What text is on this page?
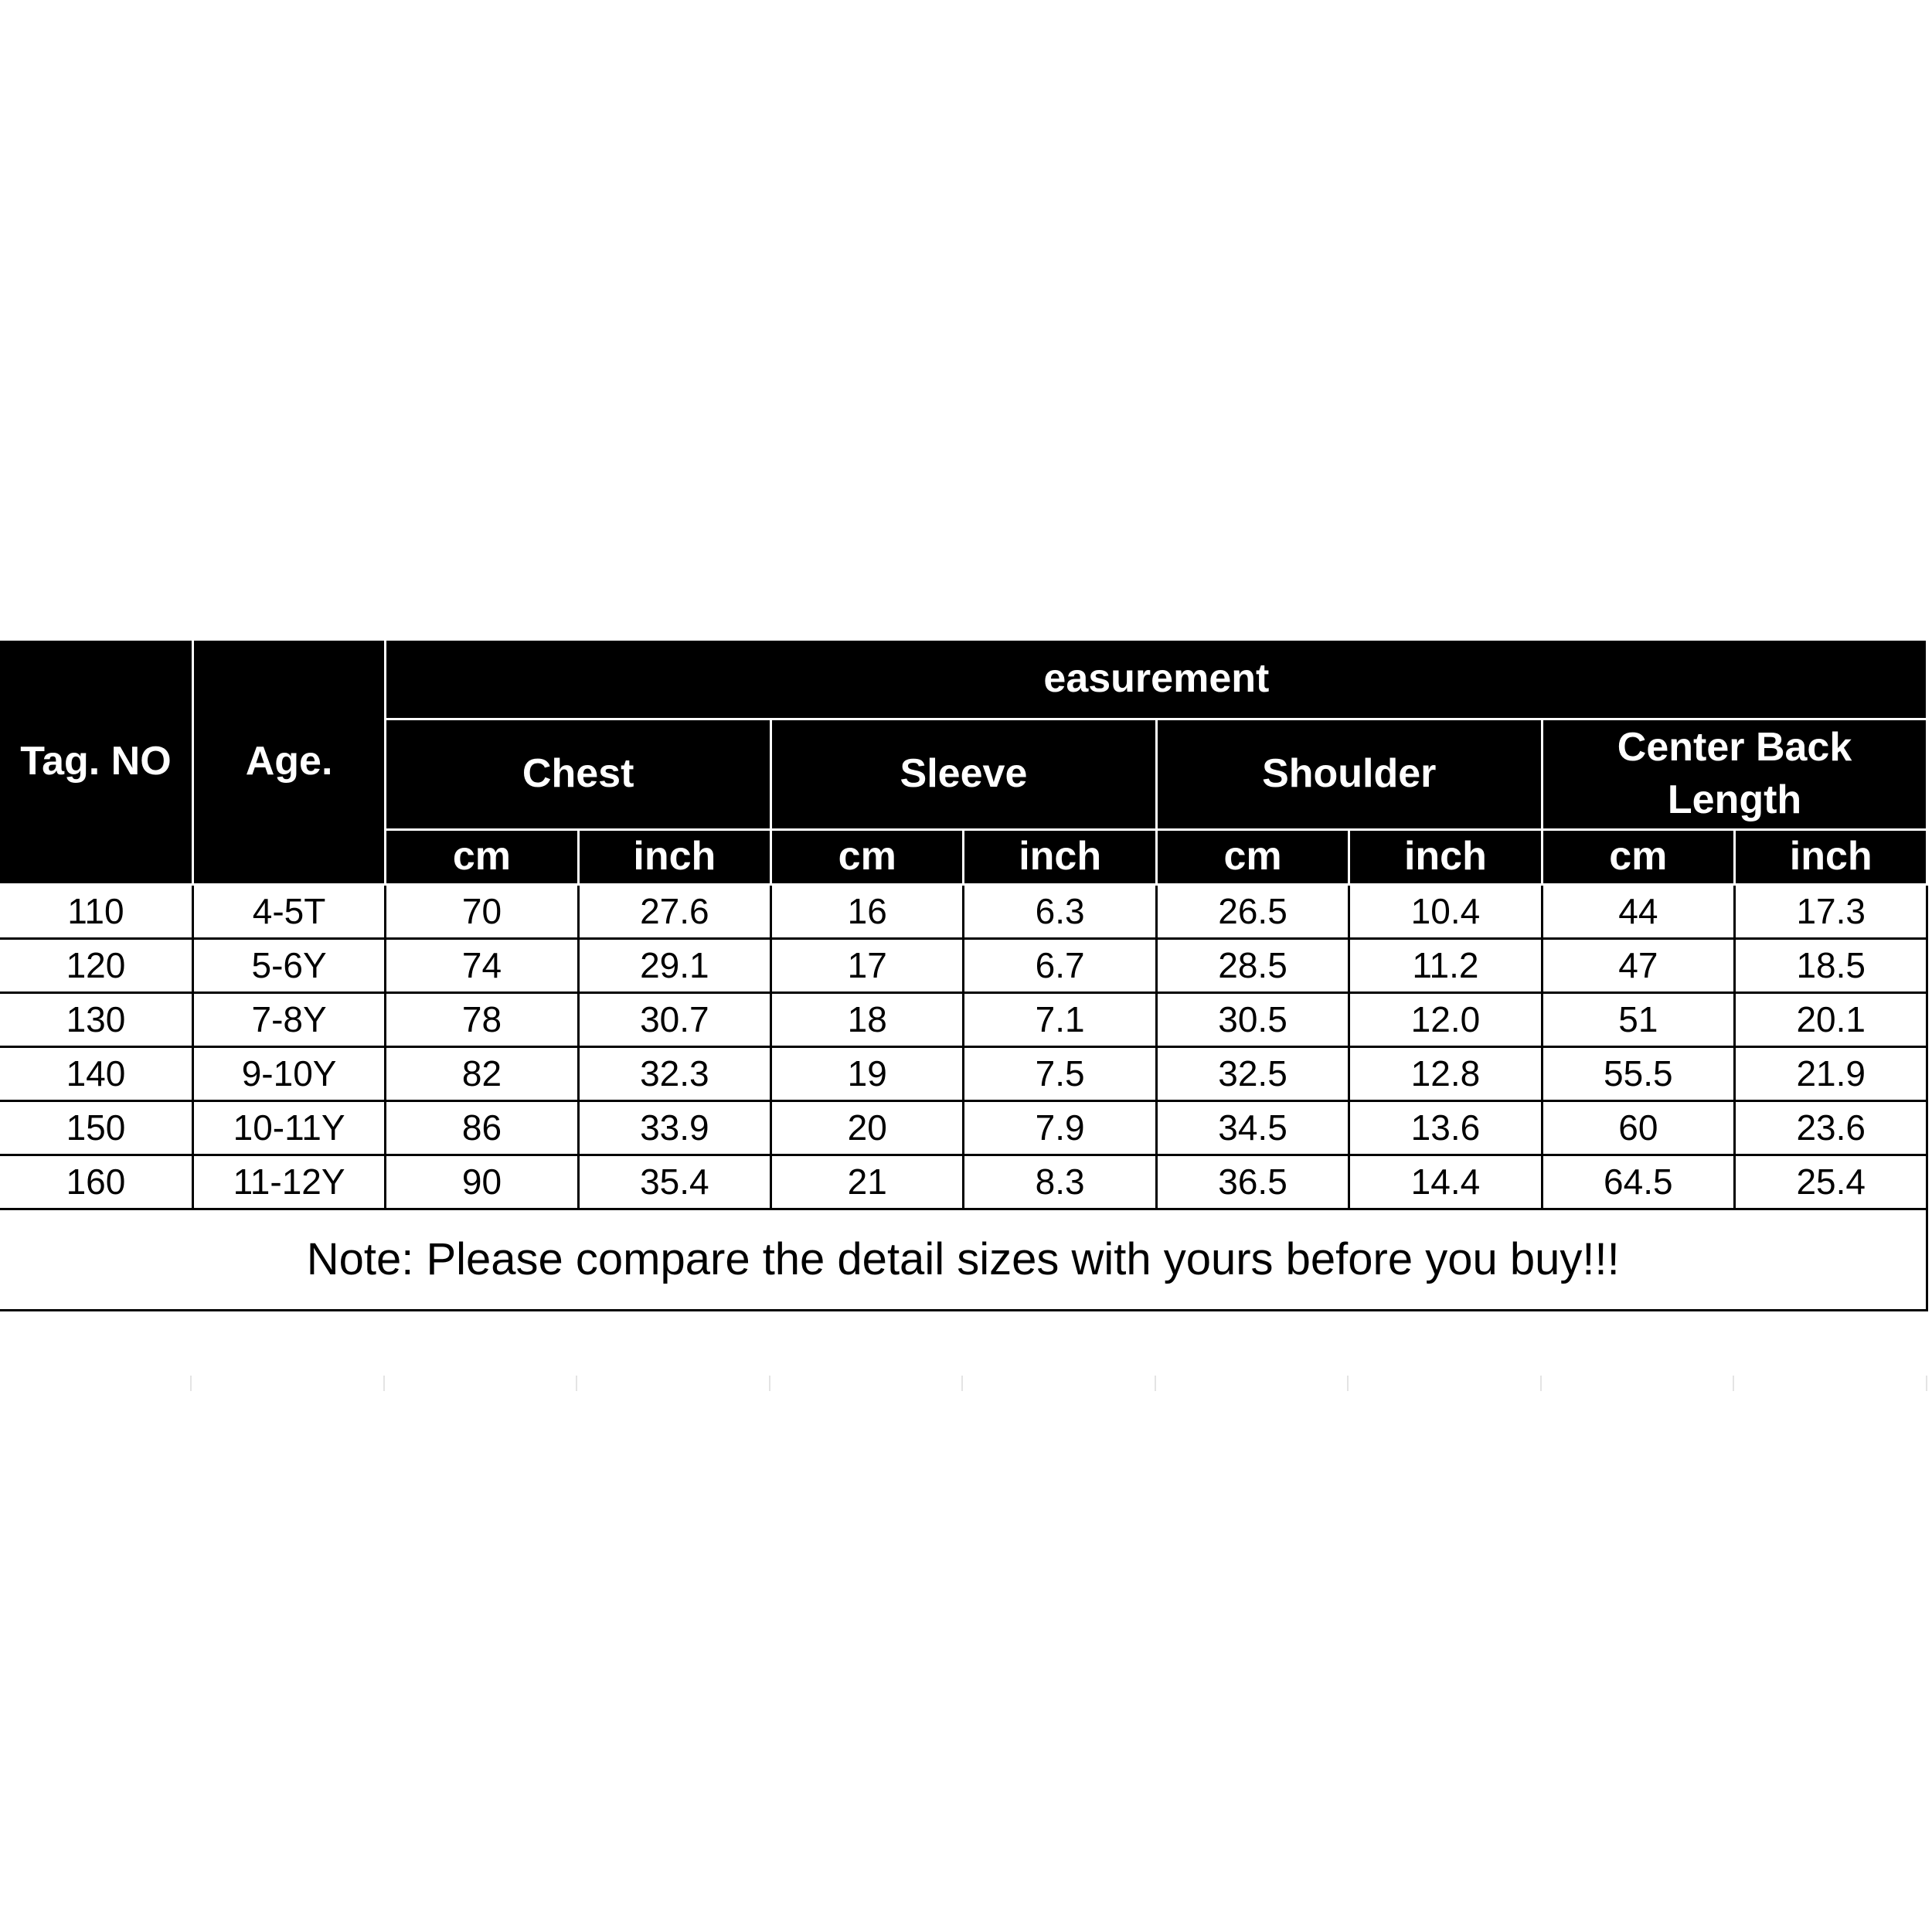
Tag. NO	Age.	easurement							
		Chest		Sleeve		Shoulder		Center Back
Length	
		cm	inch	cm	inch	cm	inch	cm	inch
110	4-5T	70	27.6	16	6.3	26.5	10.4	44	17.3
120	5-6Y	74	29.1	17	6.7	28.5	11.2	47	18.5
130	7-8Y	78	30.7	18	7.1	30.5	12.0	51	20.1
140	9-10Y	82	32.3	19	7.5	32.5	12.8	55.5	21.9
150	10-11Y	86	33.9	20	7.9	34.5	13.6	60	23.6
160	11-12Y	90	35.4	21	8.3	36.5	14.4	64.5	25.4
Note: Please compare the detail sizes with yours before you buy!!!									
